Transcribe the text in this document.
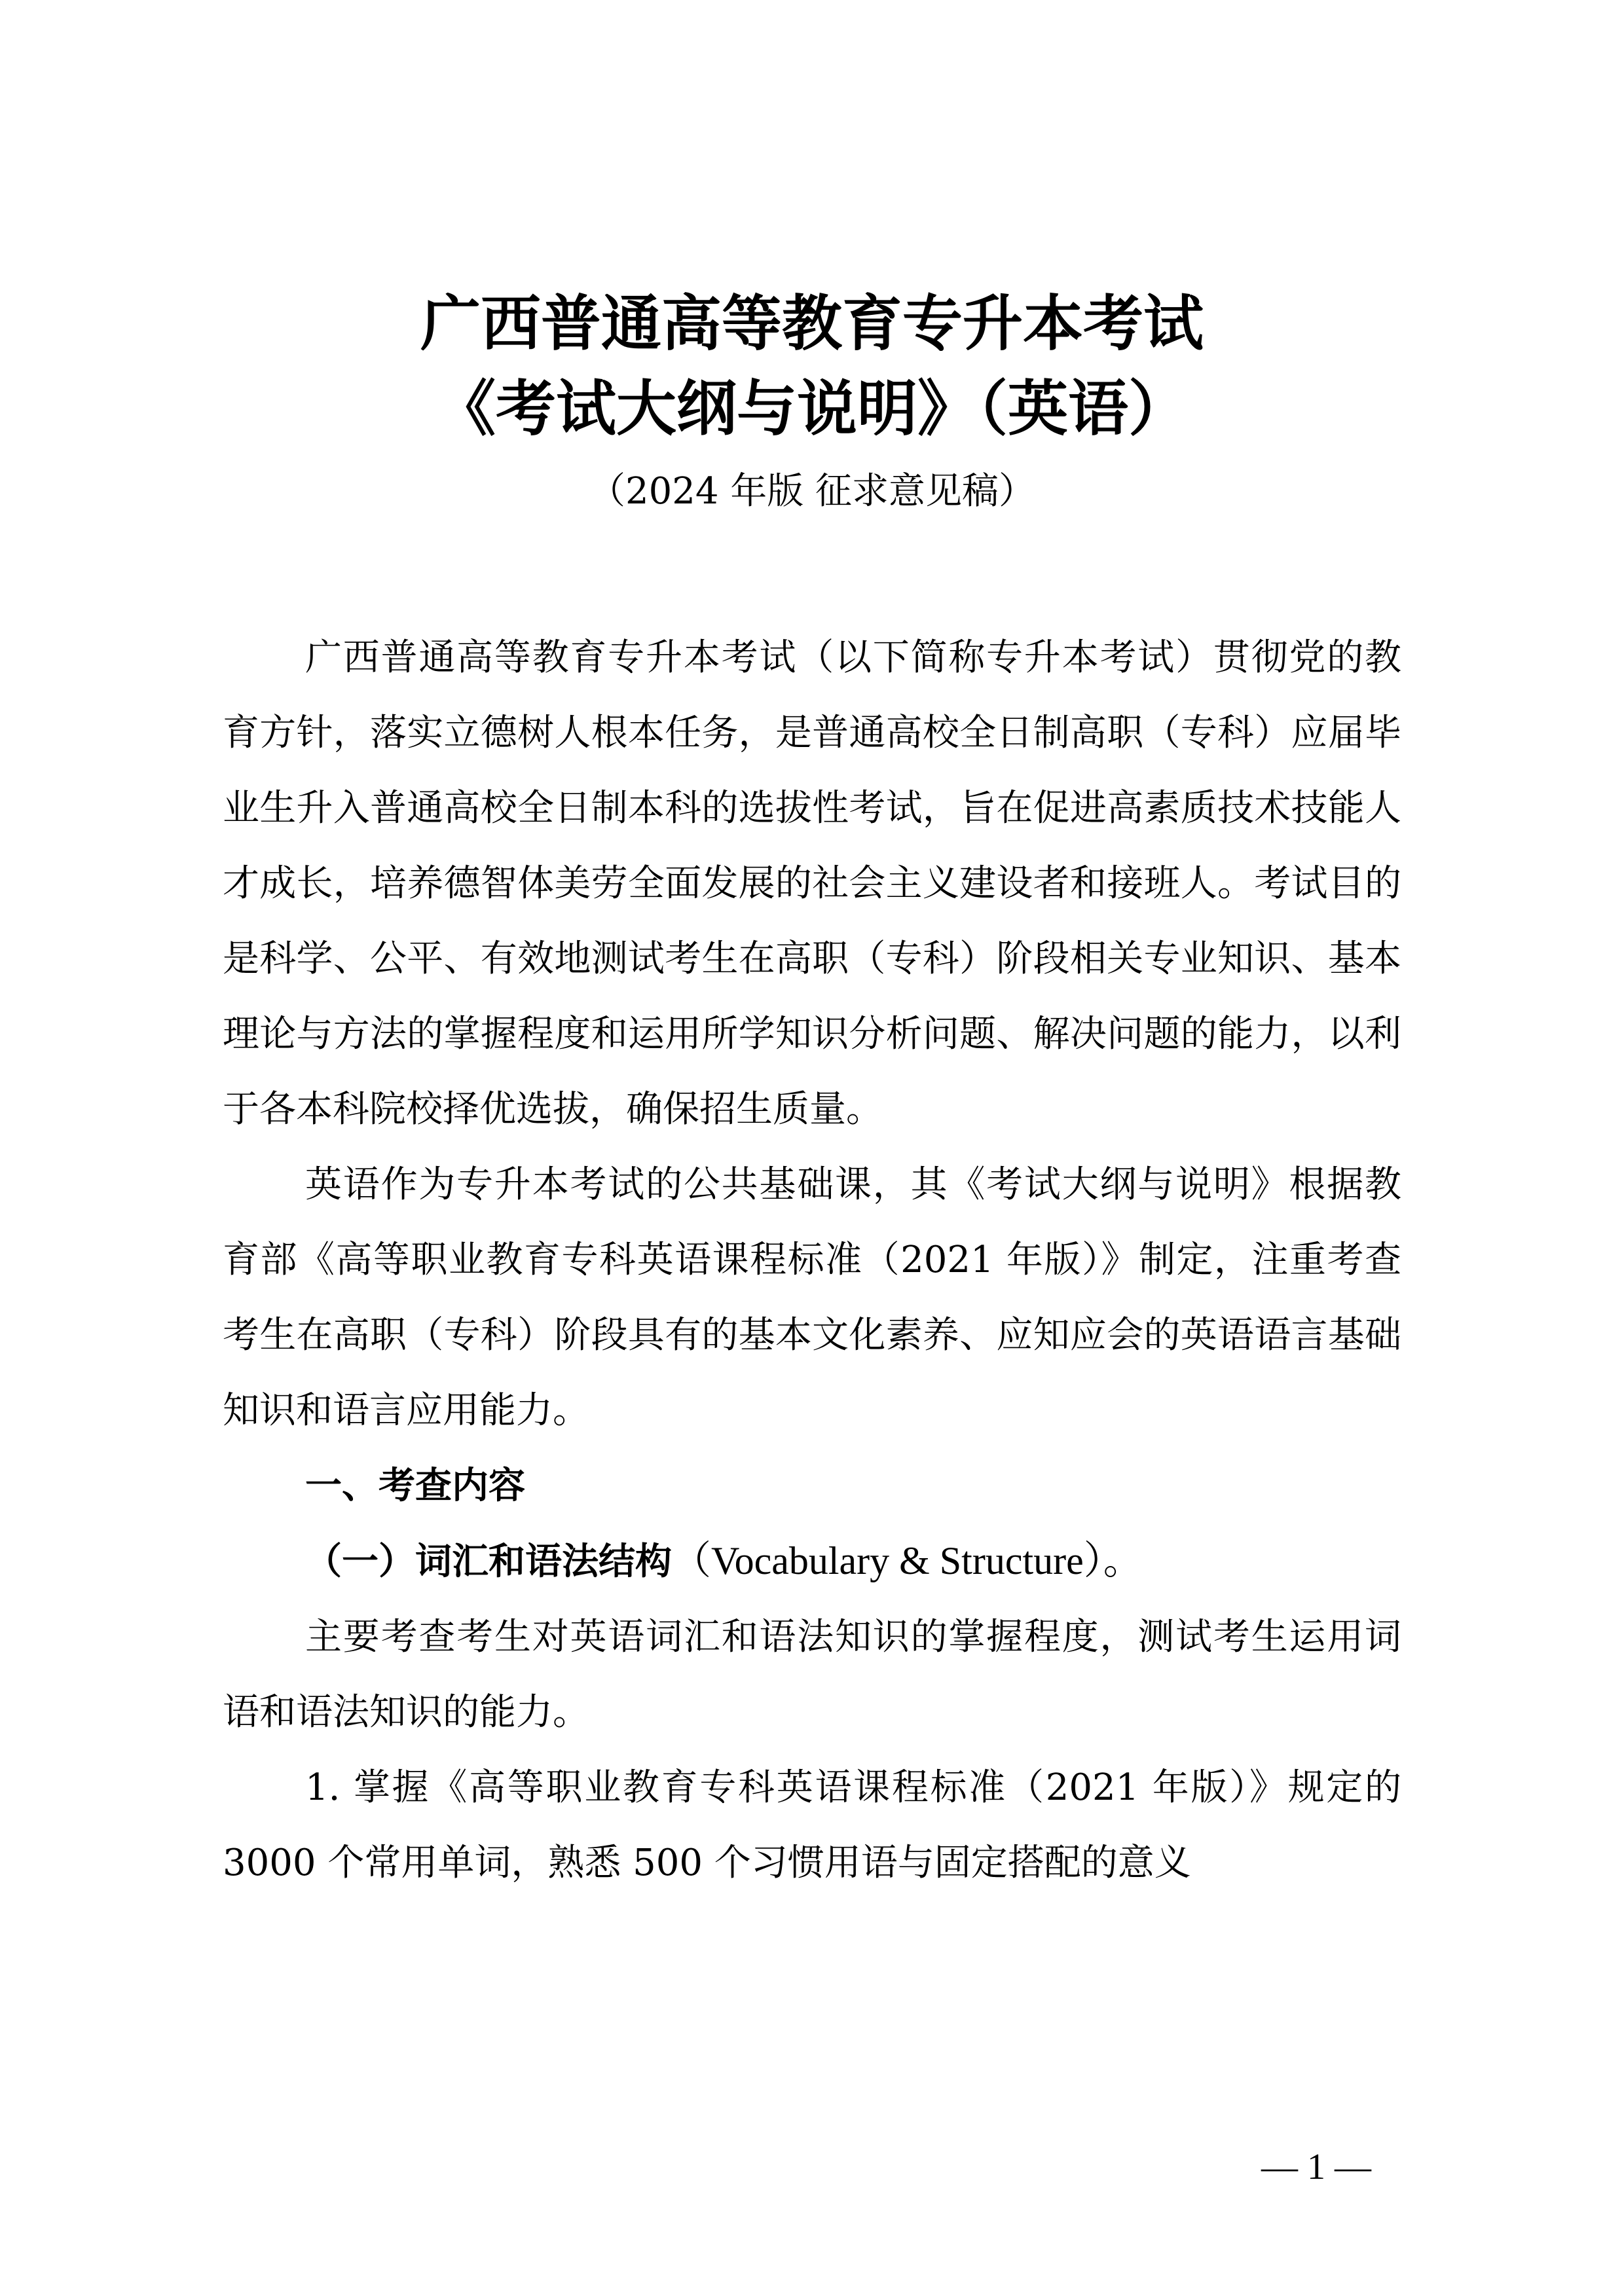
广西普通高等教育专升本考试
《考试大纲与说明》（英语）
（2024 年版 征求意见稿）

广西普通高等教育专升本考试（以下简称专升本考试）贯彻党的教育方针，落实立德树人根本任务，是普通高校全日制高职（专科）应届毕业生升入普通高校全日制本科的选拔性考试，旨在促进高素质技术技能人才成长，培养德智体美劳全面发展的社会主义建设者和接班人。考试目的是科学、公平、有效地测试考生在高职（专科）阶段相关专业知识、基本理论与方法的掌握程度和运用所学知识分析问题、解决问题的能力，以利于各本科院校择优选拔，确保招生质量。

英语作为专升本考试的公共基础课，其《考试大纲与说明》根据教育部《高等职业教育专科英语课程标准（2021 年版）》制定，注重考查考生在高职（专科）阶段具有的基本文化素养、应知应会的英语语言基础知识和语言应用能力。

一、考查内容

（一）词汇和语法结构（Vocabulary & Structure）。

主要考查考生对英语词汇和语法知识的掌握程度，测试考生运用词语和语法知识的能力。

1. 掌握《高等职业教育专科英语课程标准（2021 年版）》规定的 3000 个常用单词，熟悉 500 个习惯用语与固定搭配的意义

— 1 —
